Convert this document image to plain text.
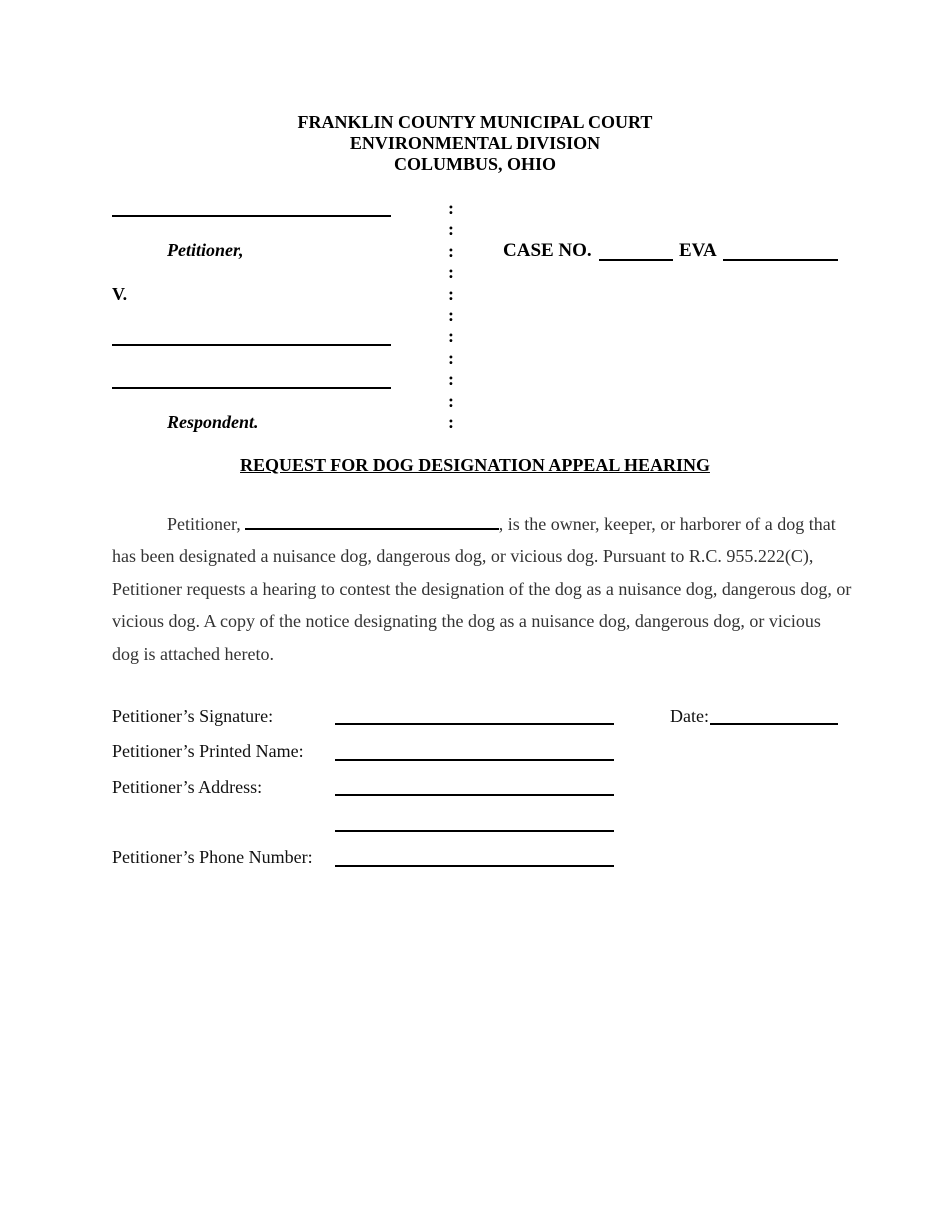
FRANKLIN COUNTY MUNICIPAL COURT
ENVIRONMENTAL DIVISION
COLUMBUS, OHIO
Petitioner,
V.
Respondent.
:
:
:
:
:
:
:
:
:
:
:
CASE NO.	EVA
REQUEST FOR DOG DESIGNATION APPEAL HEARING
Petitioner,	, is the owner, keeper, or harborer of a dog that has been designated a nuisance dog, dangerous dog, or vicious dog. Pursuant to R.C. 955.222(C), Petitioner requests a hearing to contest the designation of the dog as a nuisance dog, dangerous dog, or vicious dog. A copy of the notice designating the dog as a nuisance dog, dangerous dog, or vicious dog is attached hereto.
Petitioner’s Signature:	Date:
Petitioner’s Printed Name:
Petitioner’s Address:
Petitioner’s Phone Number:
